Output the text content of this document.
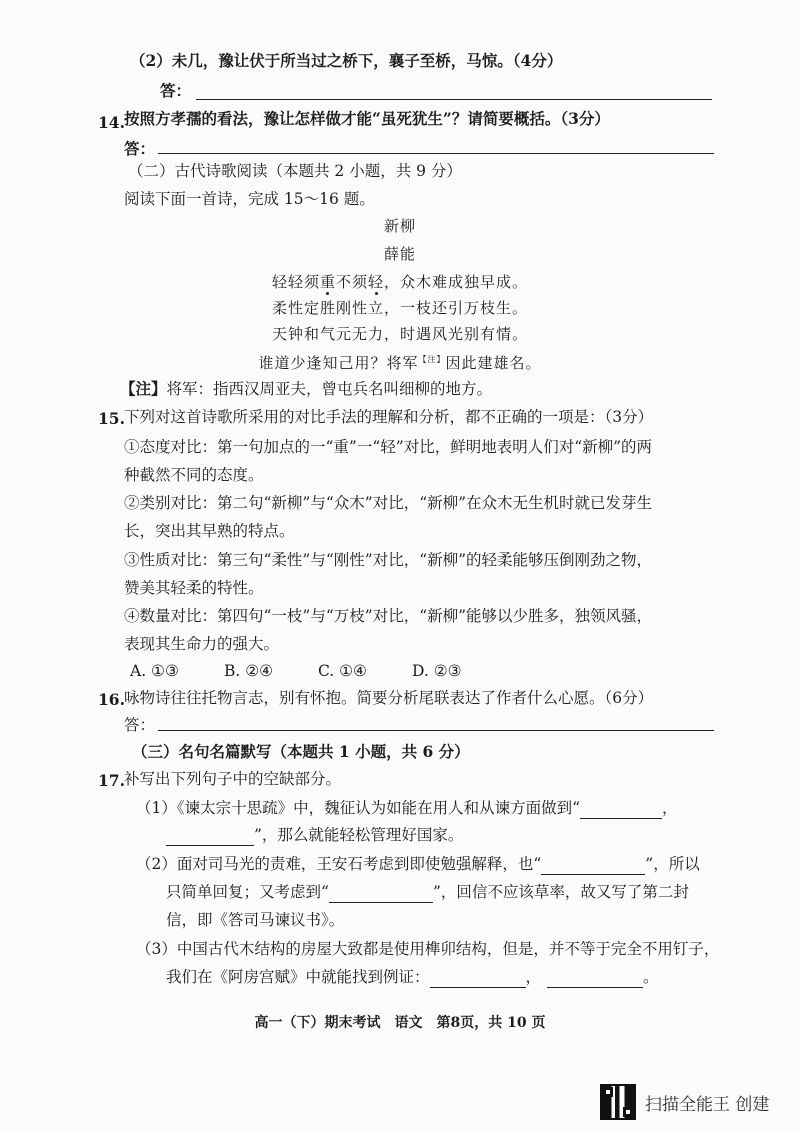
（2）未几，豫让伏于所当过之桥下，襄子至桥，马惊。（4分）
答：
14. 按照方孝孺的看法，豫让怎样做才能“虽死犹生”？请简要概括。（3分）
答：
（二）古代诗歌阅读（本题共 2 小题，共 9 分）
阅读下面一首诗，完成 15～16 题。
新柳
薛能
轻轻须重不须轻，众木难成独早成。
柔性定胜刚性立，一枝还引万枝生。
天钟和气元无力，时遇风光别有情。
谁道少逢知己用？将军$^{【注】}$因此建雄名。
【注】将军：指西汉周亚夫，曾屯兵名叫细柳的地方。
15. 下列对这首诗歌所采用的对比手法的理解和分析，都不正确的一项是：（3分）
①态度对比：第一句加点的一“重”一“轻”对比，鲜明地表明人们对“新柳”的两
种截然不同的态度。
②类别对比：第二句“新柳”与“众木”对比，“新柳”在众木无生机时就已发芽生
长，突出其早熟的特点。
③性质对比：第三句“柔性”与“刚性”对比，“新柳”的轻柔能够压倒刚劲之物，
赞美其轻柔的特性。
④数量对比：第四句“一枝”与“万枝”对比，“新柳”能够以少胜多，独领风骚，
表现其生命力的强大。
A. ①③	B. ②④	C. ①④	D. ②③
16. 咏物诗往往托物言志，别有怀抱。简要分析尾联表达了作者什么心愿。（6分）
答：
（三）名句名篇默写（本题共 1 小题，共 6 分）
17. 补写出下列句子中的空缺部分。
（1）《谏太宗十思疏》中，魏征认为如能在用人和从谏方面做到“	，
”，那么就能轻松管理好国家。
（2）面对司马光的责难，王安石考虑到即使勉强解释，也“	”，所以
只简单回复；又考虑到“	”，回信不应该草率，故又写了第二封
信，即《答司马谏议书》。
（3）中国古代木结构的房屋大致都是使用榫卯结构，但是，并不等于完全不用钉子，
我们在《阿房宫赋》中就能找到例证：	，	。
高一（下）期末考试　语文　第8页，共 10 页
扫描全能王 创建
